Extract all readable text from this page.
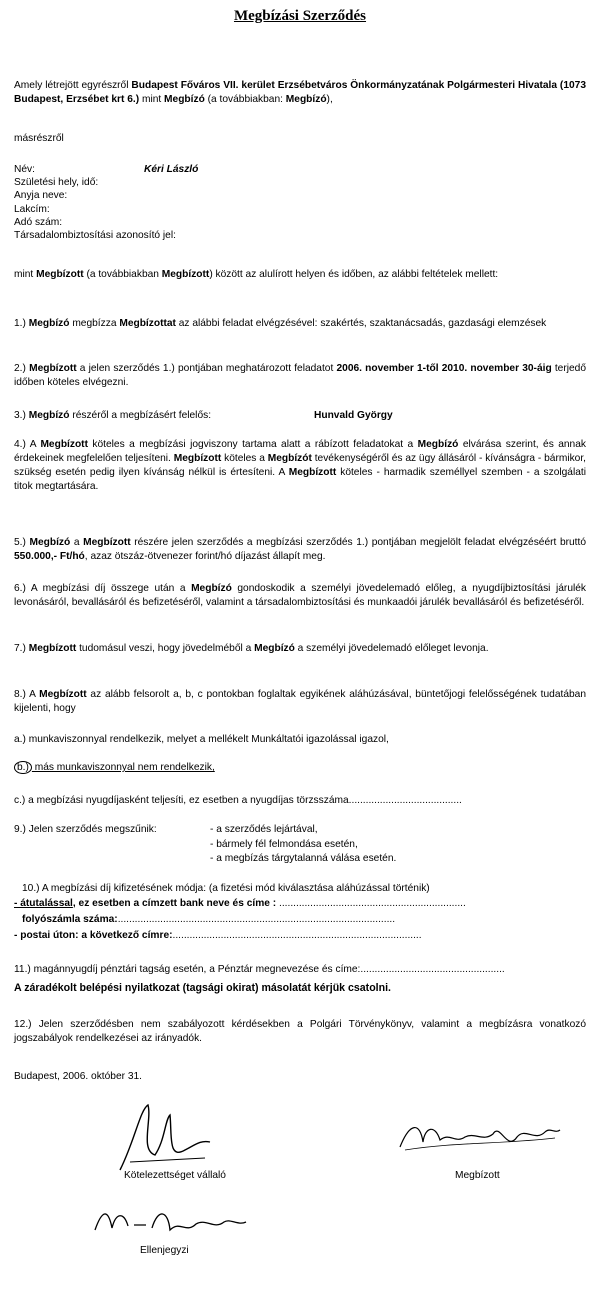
Megbízási Szerződés
Amely létrejött egyrészről Budapest Főváros VII. kerület Erzsébetváros Önkormányzatának Polgármesteri Hivatala (1073 Budapest, Erzsébet krt 6.) mint Megbízó (a továbbiakban: Megbízó),
másrészről
Név:	Kéri László
Születési hely, idő:
Anyja neve:
Lakcím:
Adó szám:
Társadalombiztosítási azonosító jel:
mint Megbízott (a továbbiakban Megbízott) között az alulírott helyen és időben, az alábbi feltételek mellett:
1.) Megbízó megbízza Megbízottat az alábbi feladat elvégzésével: szakértés, szaktanácsadás, gazdasági elemzések
2.) Megbízott a jelen szerződés 1.) pontjában meghatározott feladatot 2006. november 1-től 2010. november 30-áig terjedő időben köteles elvégezni.
3.) Megbízó részéről a megbízásért felelős:	Hunvald György
4.) A Megbízott köteles a megbízási jogviszony tartama alatt a rábízott feladatokat a Megbízó elvárása szerint, és annak érdekeinek megfelelően teljesíteni. Megbízott köteles a Megbízót tevékenységéről és az ügy állásáról - kívánságra - bármikor, szükség esetén pedig ilyen kívánság nélkül is értesíteni. A Megbízott köteles - harmadik személlyel szemben - a szolgálati titok megtartására.
5.) Megbízó a Megbízott részére jelen szerződés a megbízási szerződés 1.) pontjában megjelölt feladat elvégzéséért bruttó 550.000,- Ft/hó, azaz ötszáz-ötvenezer forint/hó díjazást állapít meg.
6.) A megbízási díj összege után a Megbízó gondoskodik a személyi jövedelemadó előleg, a nyugdíjbiztosítási járulék levonásáról, bevallásáról és befizetéséről, valamint a társadalombiztosítási és munkaadói járulék bevallásáról és befizetéséről.
7.) Megbízott tudomásul veszi, hogy jövedelméből a Megbízó a személyi jövedelemadó előleget levonja.
8.) A Megbízott az alább felsorolt a, b, c pontokban foglaltak egyikének aláhúzásával, büntetőjogi felelősségének tudatában kijelenti, hogy
a.) munkaviszonnyal rendelkezik, melyet a mellékelt Munkáltatói igazolással igazol,
b.) más munkaviszonnyal nem rendelkezik,
c.) a megbízási nyugdíjasként teljesíti, ez esetben a nyugdíjas törzsszáma........................................
9.) Jelen szerződés megszűnik:	- a szerződés lejártával,
- bármely fél felmondása esetén,
- a megbízás tárgytalanná válása esetén.
10.) A megbízási díj kifizetésének módja: (a fizetési mód kiválasztása aláhúzással történik)
- átutalással, ez esetben a címzett bank neve és címe : ..................................................................
folyószámla száma:..................................................................................................
- postai úton: a következő címre:........................................................................................
11.) magánnyugdíj pénztári tagság esetén, a Pénztár megnevezése és címe:...................................................
A záradékolt belépési nyilatkozat (tagsági okirat) másolatát kérjük csatolni.
12.) Jelen szerződésben nem szabályozott kérdésekben a Polgári Törvénykönyv, valamint a megbízásra vonatkozó jogszabályok rendelkezései az irányadók.
Budapest, 2006. október 31.
Kötelezettséget vállaló	Megbízott
Ellenjegyzi
